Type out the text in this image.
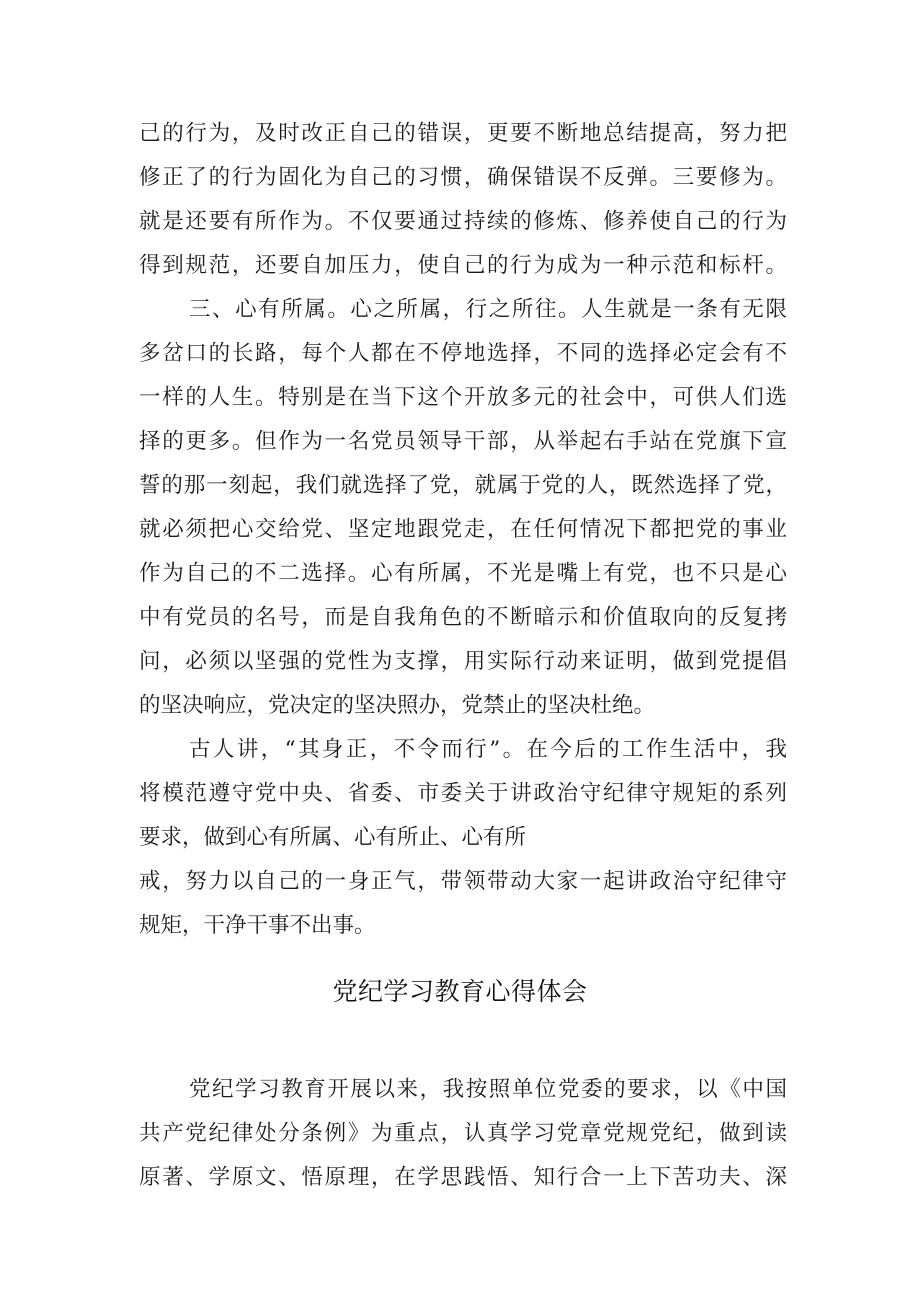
己的行为，及时改正自己的错误，更要不断地总结提高，努力把
修正了的行为固化为自己的习惯，确保错误不反弹。三要修为。
就是还要有所作为。不仅要通过持续的修炼、修养使自己的行为
得到规范，还要自加压力，使自己的行为成为一种示范和标杆。
三、心有所属。心之所属，行之所往。人生就是一条有无限
多岔口的长路，每个人都在不停地选择，不同的选择必定会有不
一样的人生。特别是在当下这个开放多元的社会中，可供人们选
择的更多。但作为一名党员领导干部，从举起右手站在党旗下宣
誓的那一刻起，我们就选择了党，就属于党的人，既然选择了党，
就必须把心交给党、坚定地跟党走，在任何情况下都把党的事业
作为自己的不二选择。心有所属，不光是嘴上有党，也不只是心
中有党员的名号，而是自我角色的不断暗示和价值取向的反复拷
问，必须以坚强的党性为支撑，用实际行动来证明，做到党提倡
的坚决响应，党决定的坚决照办，党禁止的坚决杜绝。
古人讲，“其身正，不令而行”。在今后的工作生活中，我
将模范遵守党中央、省委、市委关于讲政治守纪律守规矩的系列
要求，做到心有所属、心有所止、心有所
戒，努力以自己的一身正气，带领带动大家一起讲政治守纪律守
规矩，干净干事不出事。
党纪学习教育心得体会
党纪学习教育开展以来，我按照单位党委的要求，以《中国
共产党纪律处分条例》为重点，认真学习党章党规党纪，做到读
原著、学原文、悟原理，在学思践悟、知行合一上下苦功夫、深
